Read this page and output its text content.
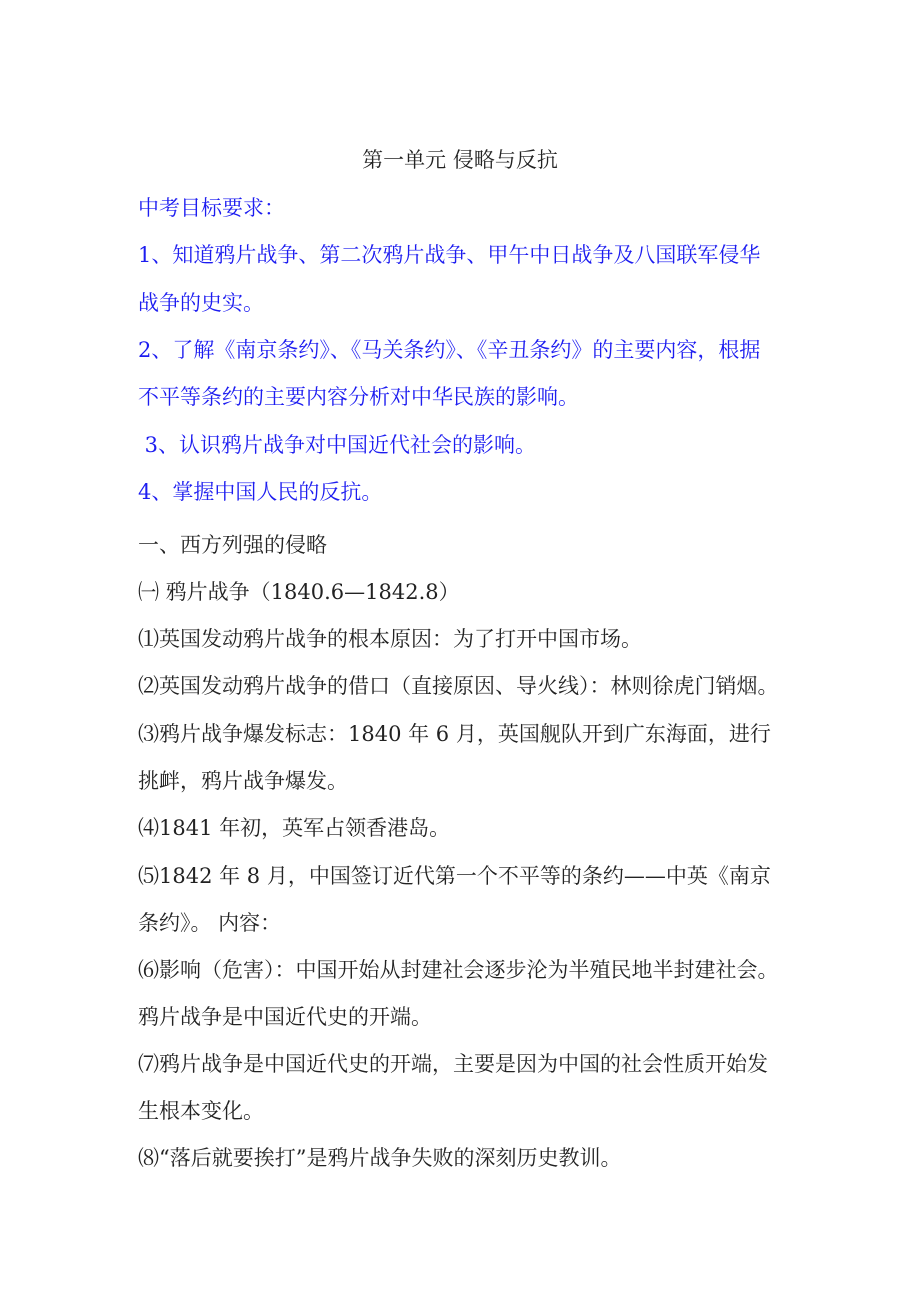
第一单元 侵略与反抗
中考目标要求：
1、知道鸦片战争、第二次鸦片战争、甲午中日战争及八国联军侵华
战争的史实。
2、了解《南京条约》、《马关条约》、《辛丑条约》的主要内容，根据
不平等条约的主要内容分析对中华民族的影响。
3、认识鸦片战争对中国近代社会的影响。
4、掌握中国人民的反抗。
一、西方列强的侵略
㈠ 鸦片战争（1840.6—1842.8）
⑴英国发动鸦片战争的根本原因：为了打开中国市场。
⑵英国发动鸦片战争的借口（直接原因、导火线）：林则徐虎门销烟。
⑶鸦片战争爆发标志：1840 年 6 月，英国舰队开到广东海面，进行
挑衅，鸦片战争爆发。
⑷1841 年初，英军占领香港岛。
⑸1842 年 8 月，中国签订近代第一个不平等的条约——中英《南京
条约》。 内容：
⑹影响（危害）：中国开始从封建社会逐步沦为半殖民地半封建社会。
鸦片战争是中国近代史的开端。
⑺鸦片战争是中国近代史的开端，主要是因为中国的社会性质开始发
生根本变化。
⑻“落后就要挨打”是鸦片战争失败的深刻历史教训。
